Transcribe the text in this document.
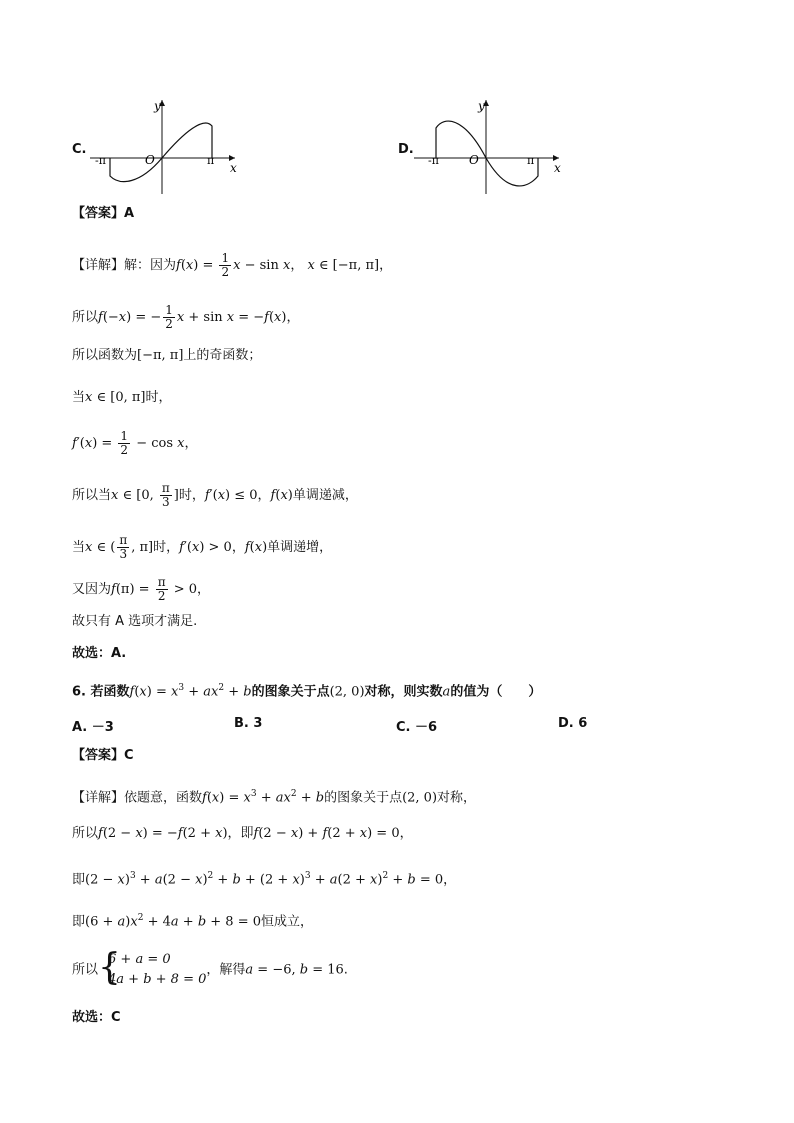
C.
y
x
O
-π	π
D.
y
x
O
-π	π
【答案】A
【详解】解：因为$f(x) = \frac{1}{2}$ x − sin x， x ∈ [−π, π]，
所以f(−x) = − $\frac{1}{2}$ x + sin x = −f(x)，
所以函数为[−π, π]上的奇函数；
当x ∈ [0, π]时，
$f'(x) = \frac{1}{2} - \cos x$，
所以当x ∈ [0, $\frac{\pi}{3}$ ]时，f′(x) ≤ 0，f(x)单调递减，
当x ∈ ( $\frac{\pi}{3}$ , π]时，f′(x) > 0，f(x)单调递增，
又因为$f(\pi) = \frac{\pi}{2} > 0$，
故只有 A 选项才满足.
故选：A.
6. 若函数$f(x) = x^3 + ax^2 + b$的图象关于点(2, 0)对称，则实数a的值为（　　）
A. －3	B. 3	C. －6	D. 6
【答案】C
【详解】依题意，函数$f(x) = x^3 + ax^2 + b$的图象关于点(2, 0)对称，
所以f(2 − x) = −f(2 + x)，即f(2 − x) + f(2 + x) = 0，
即$(2 - x)^3 + a(2 - x)^2 + b + (2 + x)^3 + a(2 + x)^2 + b = 0$，
即$(6 + a)x^2 + 4a + b + 8 = 0$恒成立，
所以 {
6 + a = 0
4a + b + 8 = 0
，解得a = −6, b = 16.
故选：C
